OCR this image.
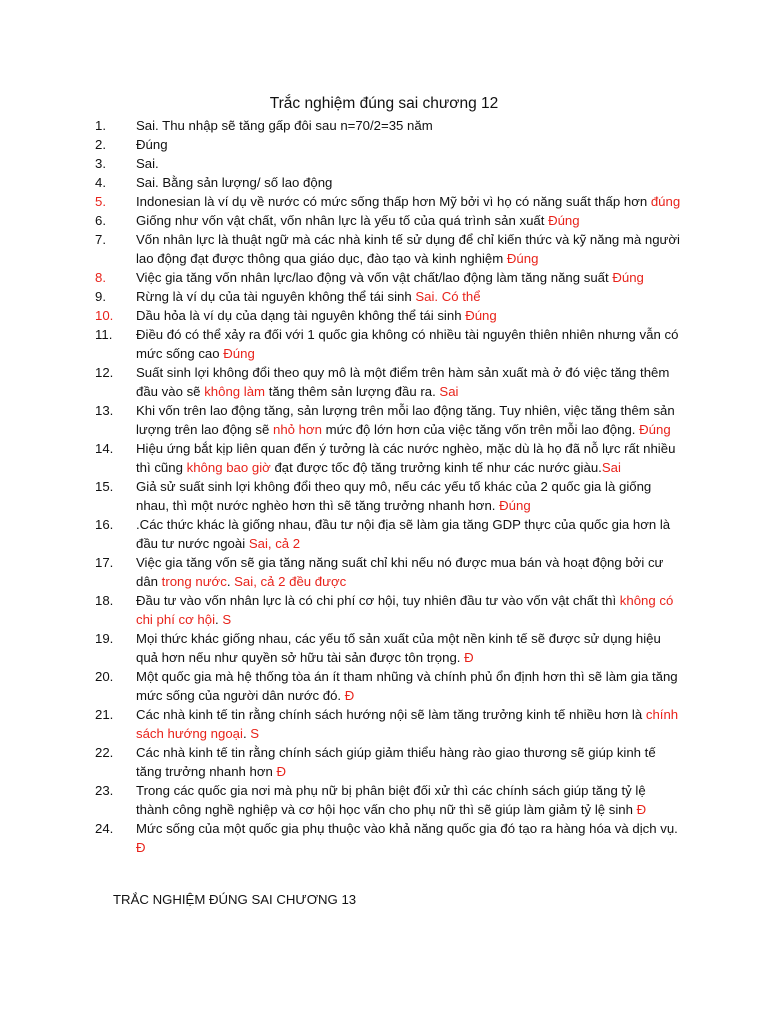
Trắc nghiệm đúng sai chương 12
1.	Sai. Thu nhập sẽ tăng gấp đôi sau n=70/2=35 năm
2.	Đúng
3.	Sai.
4.	Sai. Bằng sản lượng/ số lao động
5.	Indonesian là ví dụ về nước có mức sống thấp hơn Mỹ bởi vì họ có năng suất thấp hơn đúng
6.	Giống như vốn vật chất, vốn nhân lực là yếu tố của quá trình sản xuất Đúng
7.	Vốn nhân lực là thuật ngữ mà các nhà kinh tế sử dụng để chỉ kiến thức và kỹ năng mà người lao động đạt được thông qua giáo dục, đào tạo và kinh nghiệm Đúng
8.	Việc gia tăng vốn nhân lực/lao động và vốn vật chất/lao động làm tăng năng suất Đúng
9.	Rừng là ví dụ của tài nguyên không thể tái sinh Sai. Có thể
10.	Dầu hỏa là ví dụ của dạng tài nguyên không thể tái sinh Đúng
11.	Điều đó có thể xảy ra đối với 1 quốc gia không có nhiều tài nguyên thiên nhiên nhưng vẫn có mức sống cao Đúng
12.	Suất sinh lợi không đổi theo quy mô là một điểm trên hàm sản xuất mà ở đó việc tăng thêm đầu vào sẽ không làm tăng thêm sản lượng đầu ra. Sai
13.	Khi vốn trên lao động tăng, sản lượng trên mỗi lao động tăng. Tuy nhiên, việc tăng thêm sản lượng trên lao động sẽ nhỏ hơn mức độ lớn hơn của việc tăng vốn trên mỗi lao động. Đúng
14.	Hiệu ứng bắt kịp liên quan đến ý tưởng là các nước nghèo, mặc dù là họ đã nỗ lực rất nhiều thì cũng không bao giờ đạt được tốc độ tăng trưởng kinh tế như các nước giàu.Sai
15.	Giả sử suất sinh lợi không đổi theo quy mô, nếu các yếu tố khác của 2 quốc gia là giống nhau, thì một nước nghèo hơn thì sẽ tăng trưởng nhanh hơn. Đúng
16.	.Các thức khác là giống nhau, đầu tư nội địa sẽ làm gia tăng GDP thực của quốc gia hơn là đầu tư nước ngoài Sai, cả 2
17.	Việc gia tăng vốn sẽ gia tăng năng suất chỉ khi nếu nó được mua bán và hoạt động bởi cư dân trong nước. Sai, cả 2 đều được
18.	Đầu tư vào vốn nhân lực là có chi phí cơ hội, tuy nhiên đầu tư vào vốn vật chất thì không có chi phí cơ hội. S
19.	Mọi thức khác giống nhau, các yếu tố sản xuất của một nền kinh tế sẽ được sử dụng hiệu quả hơn nếu như quyền sở hữu tài sản được tôn trọng. Đ
20.	Một quốc gia mà hệ thống tòa án ít tham nhũng và chính phủ ổn định hơn thì sẽ làm gia tăng mức sống của người dân nước đó. Đ
21.	Các nhà kinh tế tin rằng chính sách hướng nội sẽ làm tăng trưởng kinh tế nhiều hơn là chính sách hướng ngoại. S
22.	Các nhà kinh tế tin rằng chính sách giúp giảm thiểu hàng rào giao thương sẽ giúp kinh tế tăng trưởng nhanh hơn Đ
23.	Trong các quốc gia nơi mà phụ nữ bị phân biệt đối xử thì các chính sách giúp tăng tỷ lệ thành công nghề nghiệp và cơ hội học vấn cho phụ nữ thì sẽ giúp làm giảm tỷ lệ sinh Đ
24.	Mức sống của một quốc gia phụ thuộc vào khả năng quốc gia đó tạo ra hàng hóa và dịch vụ. Đ
TRẮC NGHIỆM ĐÚNG SAI CHƯƠNG 13
